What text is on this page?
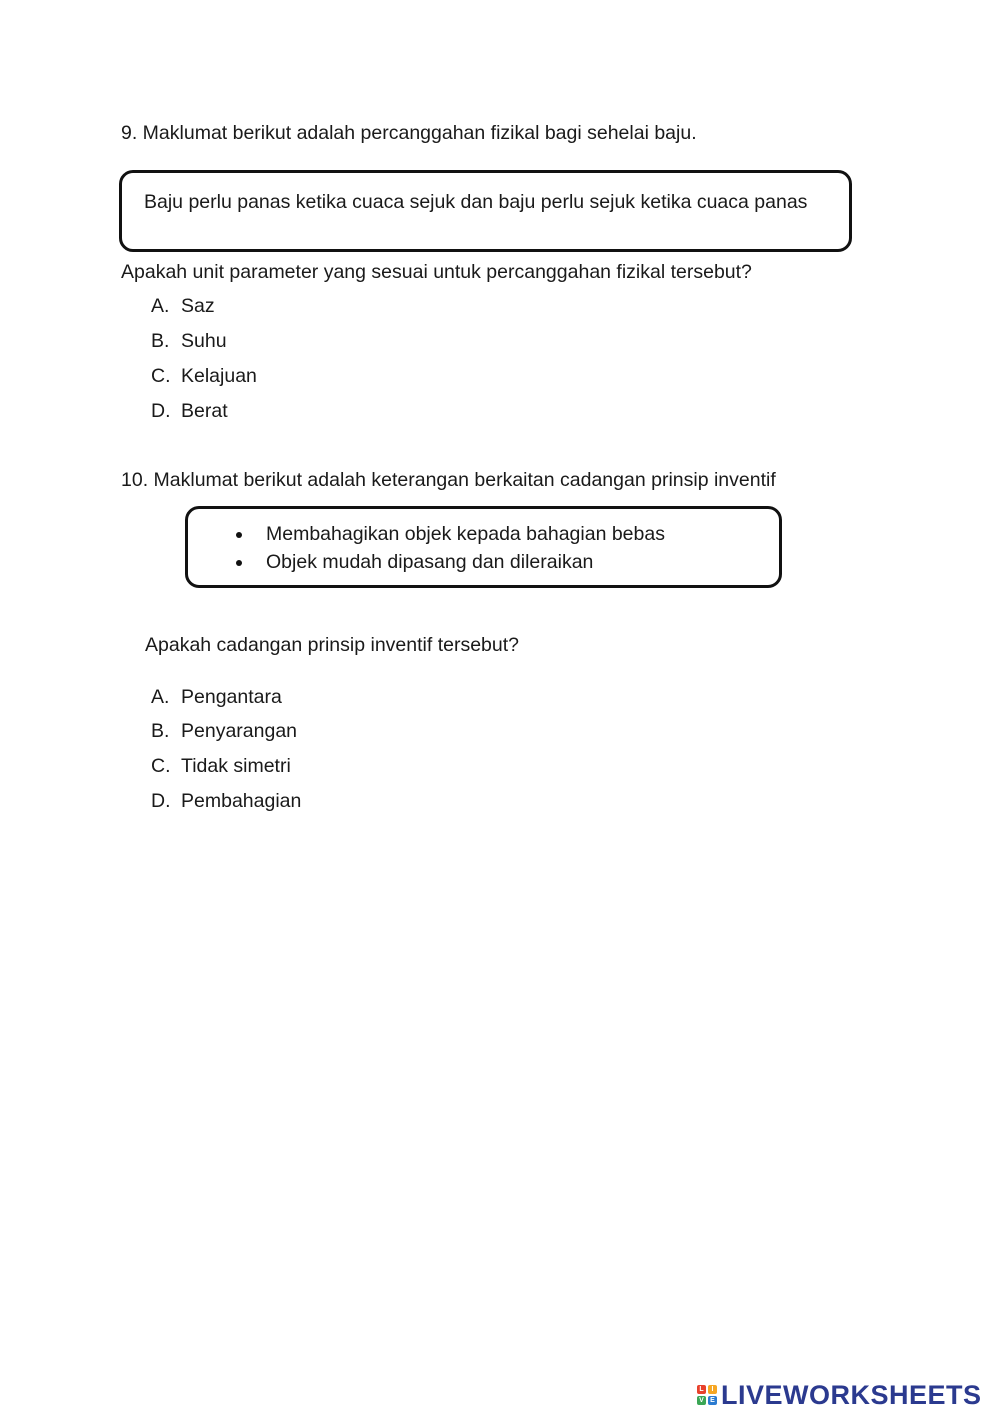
9. Maklumat berikut adalah percanggahan fizikal bagi sehelai baju.
Baju perlu panas ketika cuaca sejuk dan baju perlu sejuk ketika cuaca panas
Apakah unit parameter yang sesuai untuk percanggahan fizikal tersebut?
A. Saz
B. Suhu
C. Kelajuan
D. Berat
10. Maklumat berikut adalah keterangan berkaitan cadangan prinsip inventif
Membahagikan objek kepada bahagian bebas
Objek mudah dipasang dan dileraikan
Apakah cadangan prinsip inventif tersebut?
A. Pengantara
B. Penyarangan
C. Tidak simetri
D. Pembahagian
L	I
V E LIVEWORKSHEETS
